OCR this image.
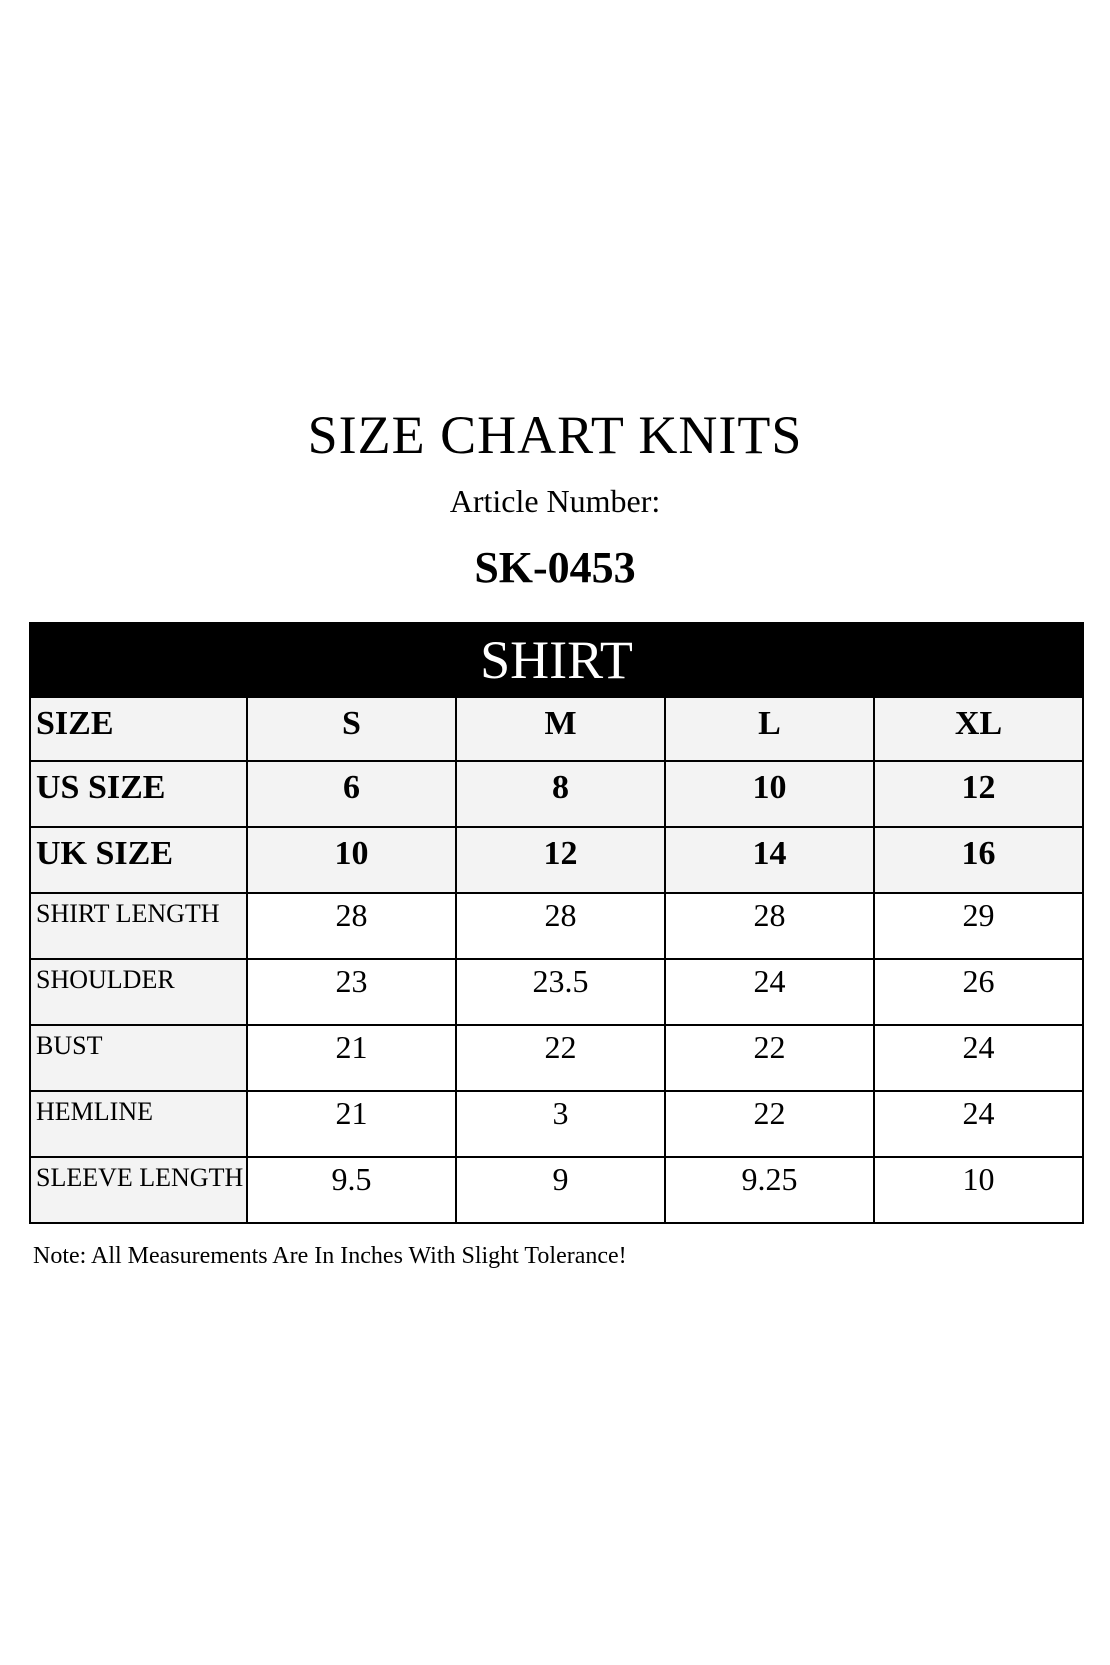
SIZE CHART KNITS
Article Number:
SK-0453
SHIRT				
SIZE	S	M	L	XL
US SIZE	6	8	10	12
UK SIZE	10	12	14	16
SHIRT LENGTH	28	28	28	29
SHOULDER	23	23.5	24	26
BUST	21	22	22	24
HEMLINE	21	3	22	24
SLEEVE LENGTH	9.5	9	9.25	10
Note: All Measurements Are In Inches With Slight Tolerance!
